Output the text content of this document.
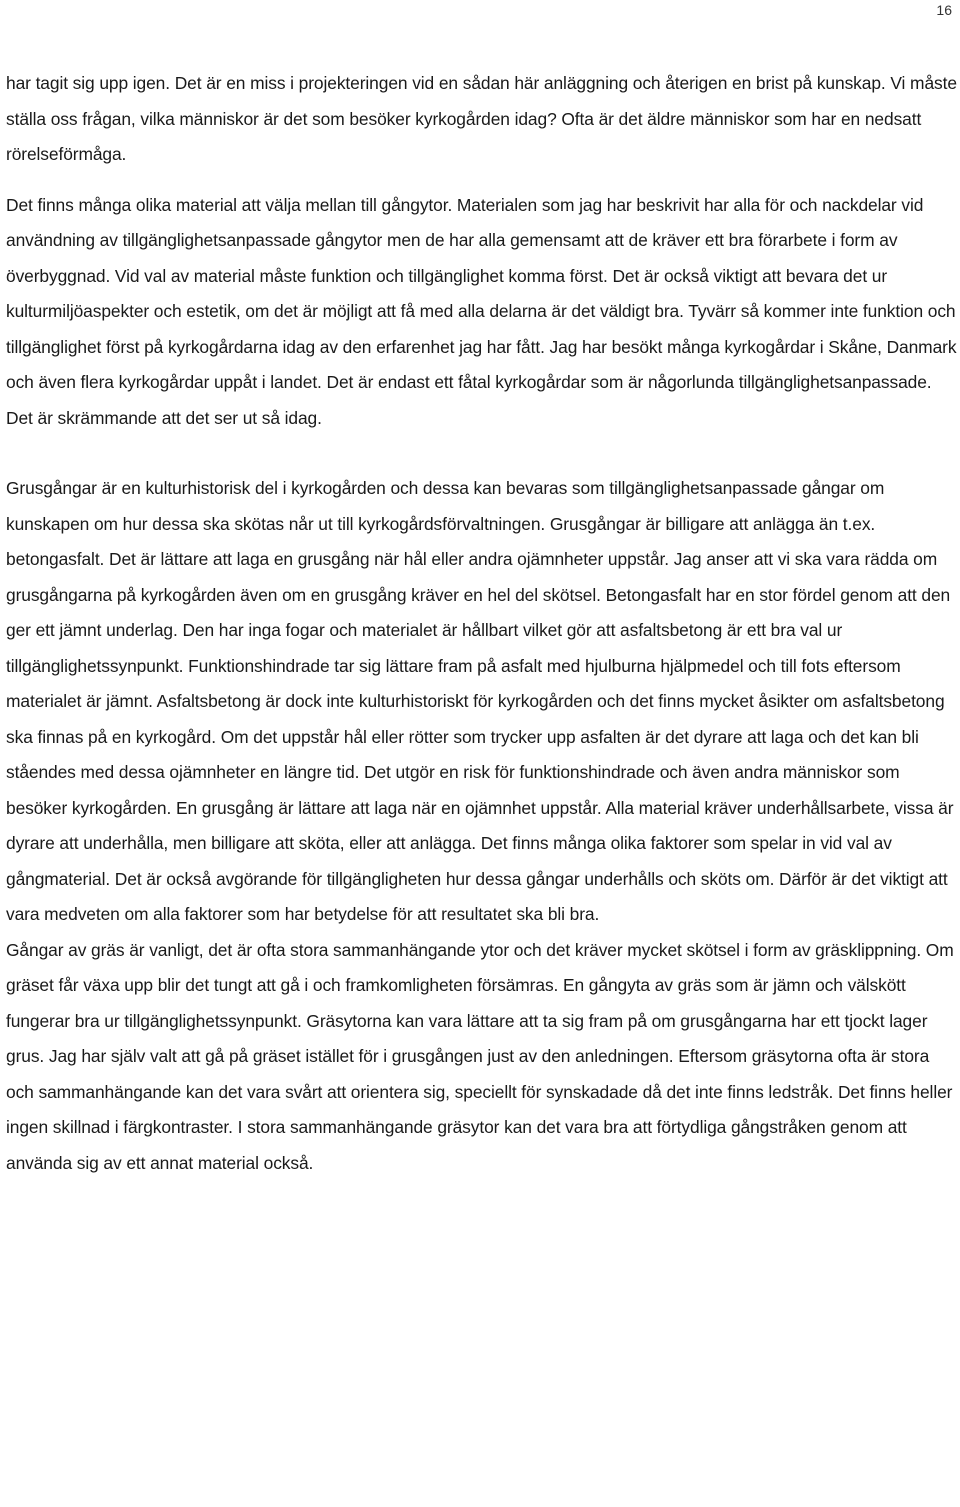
16

har tagit sig upp igen. Det är en miss i projekteringen vid en sådan här anläggning och återigen en brist på kunskap. Vi måste ställa oss frågan, vilka människor är det som besöker kyrkogården idag? Ofta är det äldre människor som har en nedsatt rörelseförmåga.

Det finns många olika material att välja mellan till gångytor. Materialen som jag har beskrivit har alla för och nackdelar vid användning av tillgänglighetsanpassade gångytor men de har alla gemensamt att de kräver ett bra förarbete i form av överbyggnad. Vid val av material måste funktion och tillgänglighet komma först. Det är också viktigt att bevara det ur kulturmiljöaspekter och estetik, om det är möjligt att få med alla delarna är det väldigt bra. Tyvärr så kommer inte funktion och tillgänglighet först på kyrkogårdarna idag av den erfarenhet jag har fått. Jag har besökt många kyrkogårdar i Skåne, Danmark och även flera kyrkogårdar uppåt i landet. Det är endast ett fåtal kyrkogårdar som är någorlunda tillgänglighetsanpassade. Det är skrämmande att det ser ut så idag.

Grusgångar är en kulturhistorisk del i kyrkogården och dessa kan bevaras som tillgänglighetsanpassade gångar om kunskapen om hur dessa ska skötas når ut till kyrkogårdsförvaltningen. Grusgångar är billigare att anlägga än t.ex. betongasfalt. Det är lättare att laga en grusgång när hål eller andra ojämnheter uppstår. Jag anser att vi ska vara rädda om grusgångarna på kyrkogården även om en grusgång kräver en hel del skötsel. Betongasfalt har en stor fördel genom att den ger ett jämnt underlag. Den har inga fogar och materialet är hållbart vilket gör att asfaltsbetong är ett bra val ur tillgänglighetssynpunkt. Funktionshindrade tar sig lättare fram på asfalt med hjulburna hjälpmedel och till fots eftersom materialet är jämnt. Asfaltsbetong är dock inte kulturhistoriskt för kyrkogården och det finns mycket åsikter om asfaltsbetong ska finnas på en kyrkogård. Om det uppstår hål eller rötter som trycker upp asfalten är det dyrare att laga och det kan bli ståendes med dessa ojämnheter en längre tid. Det utgör en risk för funktionshindrade och även andra människor som besöker kyrkogården. En grusgång är lättare att laga när en ojämnhet uppstår. Alla material kräver underhållsarbete, vissa är dyrare att underhålla, men billigare att sköta, eller att anlägga. Det finns många olika faktorer som spelar in vid val av gångmaterial. Det är också avgörande för tillgängligheten hur dessa gångar underhålls och sköts om. Därför är det viktigt att vara medveten om alla faktorer som har betydelse för att resultatet ska bli bra.

Gångar av gräs är vanligt, det är ofta stora sammanhängande ytor och det kräver mycket skötsel i form av gräsklippning. Om gräset får växa upp blir det tungt att gå i och framkomligheten försämras. En gångyta av gräs som är jämn och välskött fungerar bra ur tillgänglighetssynpunkt. Gräsytorna kan vara lättare att ta sig fram på om grusgångarna har ett tjockt lager grus. Jag har själv valt att gå på gräset istället för i grusgången just av den anledningen. Eftersom gräsytorna ofta är stora och sammanhängande kan det vara svårt att orientera sig, speciellt för synskadade då det inte finns ledstråk. Det finns heller ingen skillnad i färgkontraster. I stora sammanhängande gräsytor kan det vara bra att förtydliga gångstråken genom att använda sig av ett annat material också.
